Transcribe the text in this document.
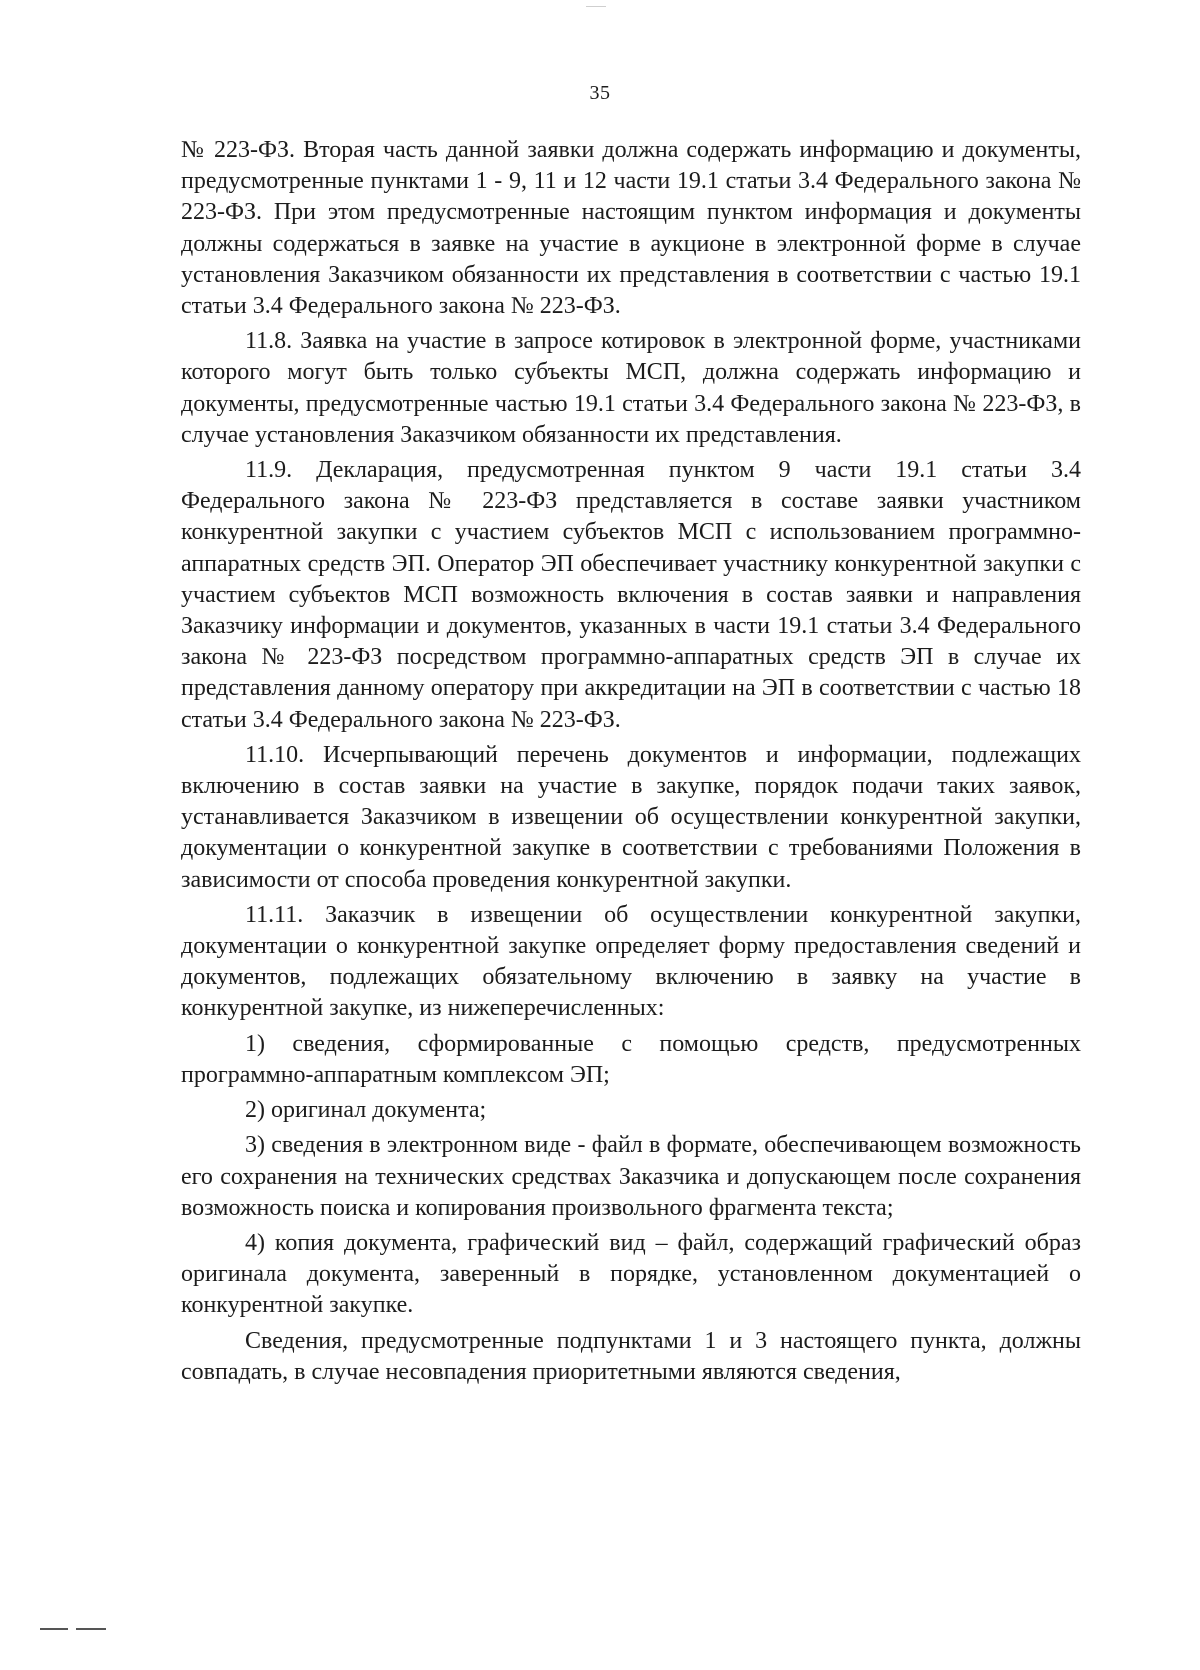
35

№ 223-ФЗ. Вторая часть данной заявки должна содержать информацию и документы, предусмотренные пунктами 1 - 9, 11 и 12 части 19.1 статьи 3.4 Федерального закона № 223-ФЗ. При этом предусмотренные настоящим пунктом информация и документы должны содержаться в заявке на участие в аукционе в электронной форме в случае установления Заказчиком обязанности их представления в соответствии с частью 19.1 статьи 3.4 Федерального закона № 223-ФЗ.

11.8. Заявка на участие в запросе котировок в электронной форме, участниками которого могут быть только субъекты МСП, должна содержать информацию и документы, предусмотренные частью 19.1 статьи 3.4 Федерального закона № 223-ФЗ, в случае установления Заказчиком обязанности их представления.

11.9. Декларация, предусмотренная пунктом 9 части 19.1 статьи 3.4 Федерального закона № 223-ФЗ представляется в составе заявки участником конкурентной закупки с участием субъектов МСП с использованием программно-аппаратных средств ЭП. Оператор ЭП обеспечивает участнику конкурентной закупки с участием субъектов МСП возможность включения в состав заявки и направления Заказчику информации и документов, указанных в части 19.1 статьи 3.4 Федерального закона № 223-ФЗ посредством программно-аппаратных средств ЭП в случае их представления данному оператору при аккредитации на ЭП в соответствии с частью 18 статьи 3.4 Федерального закона № 223-ФЗ.

11.10. Исчерпывающий перечень документов и информации, подлежащих включению в состав заявки на участие в закупке, порядок подачи таких заявок, устанавливается Заказчиком в извещении об осуществлении конкурентной закупки, документации о конкурентной закупке в соответствии с требованиями Положения в зависимости от способа проведения конкурентной закупки.

11.11. Заказчик в извещении об осуществлении конкурентной закупки, документации о конкурентной закупке определяет форму предоставления сведений и документов, подлежащих обязательному включению в заявку на участие в конкурентной закупке, из нижеперечисленных:

1) сведения, сформированные с помощью средств, предусмотренных программно-аппаратным комплексом ЭП;

2) оригинал документа;

3) сведения в электронном виде - файл в формате, обеспечивающем возможность его сохранения на технических средствах Заказчика и допускающем после сохранения возможность поиска и копирования произвольного фрагмента текста;

4) копия документа, графический вид – файл, содержащий графический образ оригинала документа, заверенный в порядке, установленном документацией о конкурентной закупке.

Сведения, предусмотренные подпунктами 1 и 3 настоящего пункта, должны совпадать, в случае несовпадения приоритетными являются сведения,
